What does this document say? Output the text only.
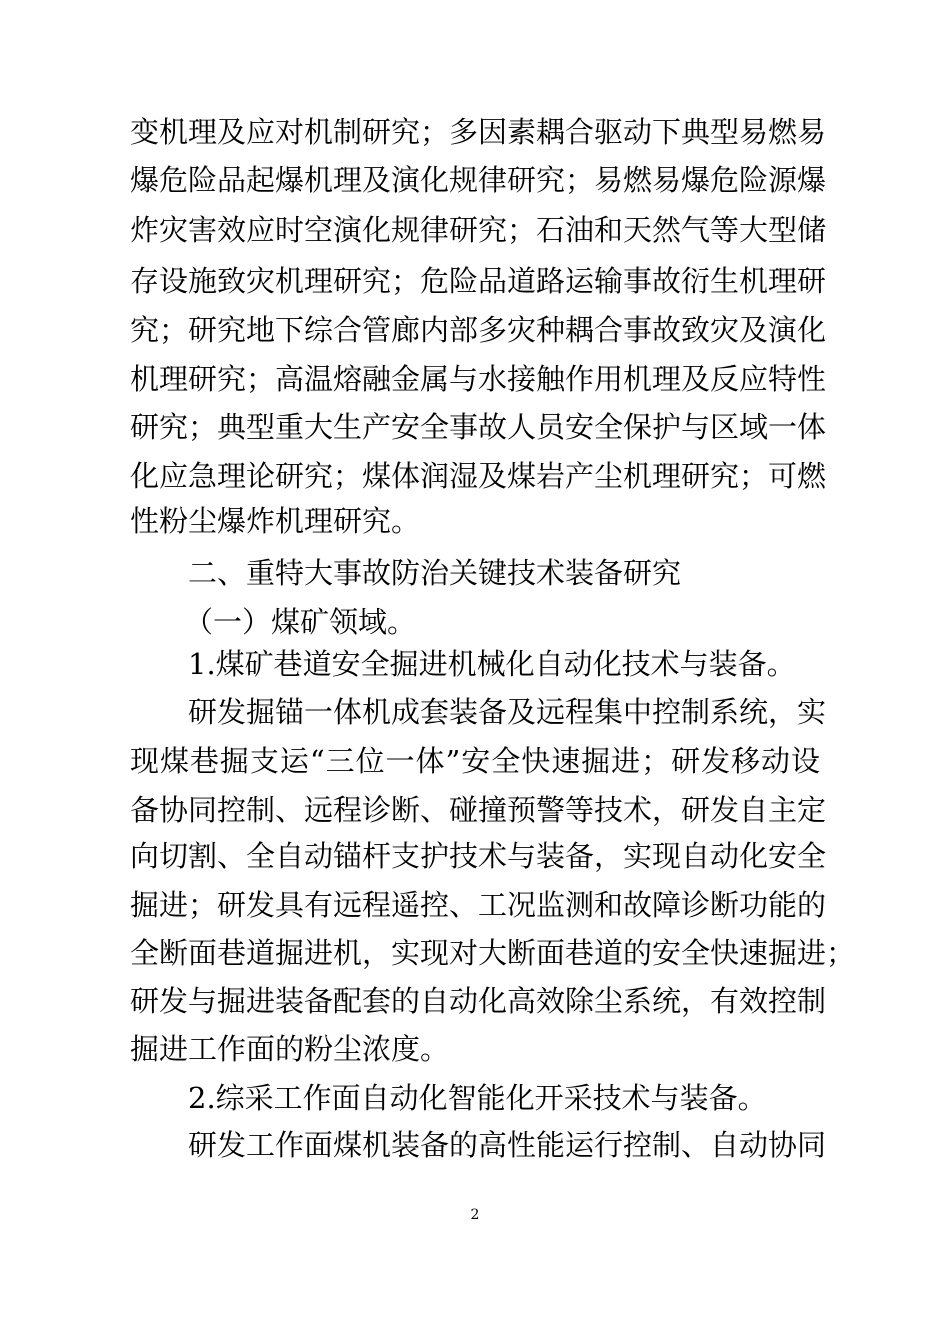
变机理及应对机制研究；多因素耦合驱动下典型易燃易
爆危险品起爆机理及演化规律研究；易燃易爆危险源爆
炸灾害效应时空演化规律研究；石油和天然气等大型储
存设施致灾机理研究；危险品道路运输事故衍生机理研
究；研究地下综合管廊内部多灾种耦合事故致灾及演化
机理研究；高温熔融金属与水接触作用机理及反应特性
研究；典型重大生产安全事故人员安全保护与区域一体
化应急理论研究；煤体润湿及煤岩产尘机理研究；可燃
性粉尘爆炸机理研究。
二、重特大事故防治关键技术装备研究
（一）煤矿领域。
1.煤矿巷道安全掘进机械化自动化技术与装备。
研发掘锚一体机成套装备及远程集中控制系统，实
现煤巷掘支运“三位一体”安全快速掘进；研发移动设
备协同控制、远程诊断、碰撞预警等技术，研发自主定
向切割、全自动锚杆支护技术与装备，实现自动化安全
掘进；研发具有远程遥控、工况监测和故障诊断功能的
全断面巷道掘进机，实现对大断面巷道的安全快速掘进；
研发与掘进装备配套的自动化高效除尘系统，有效控制
掘进工作面的粉尘浓度。
2.综采工作面自动化智能化开采技术与装备。
研发工作面煤机装备的高性能运行控制、自动协同
2
